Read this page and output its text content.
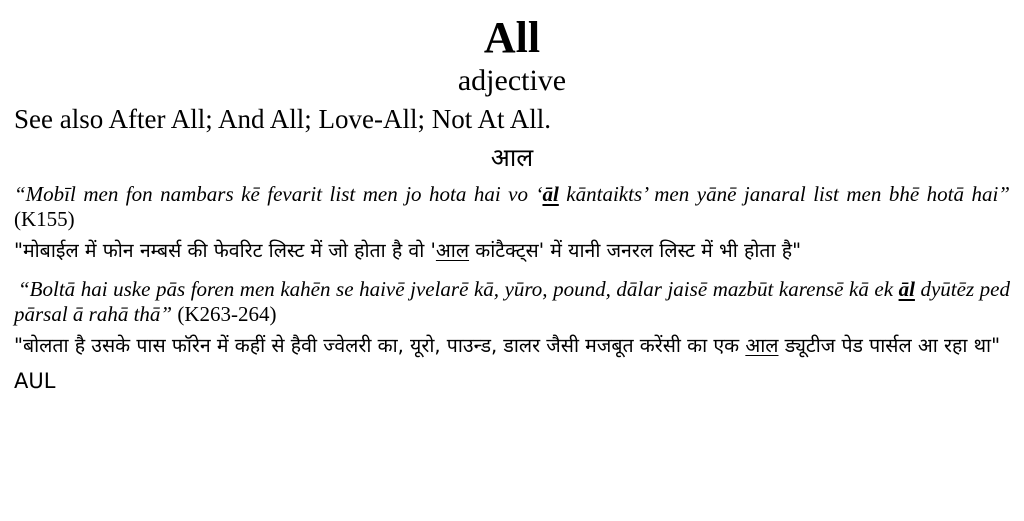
All
adjective
See also After All; And All; Love-All; Not At All.
आल

“Mobīl men fon nambars kē fevarit list men jo hota hai vo ‘āl kāntaikts’ men yānē janaral list men bhē hotā hai” (K155)

"मोबाईल में फोन नम्बर्स की फेवरिट लिस्ट में जो होता है वो 'आल कांटैक्ट्स' में यानी जनरल लिस्ट में भी होता है"

“Boltā hai uske pās foren men kahēn se haivē jvelarē kā, yūro, pound, dālar jaisē mazbūt karensē kā ek āl dyūtēz ped pārsal ā rahā thā” (K263-264)

"बोलता है उसके पास फॉरेन में कहीं से हैवी ज्वेलरी का, यूरो, पाउन्ड, डालर जैसी मजबूत करेंसी का एक आल ड्यूटीज पेड पार्सल आ रहा था"

AUL
